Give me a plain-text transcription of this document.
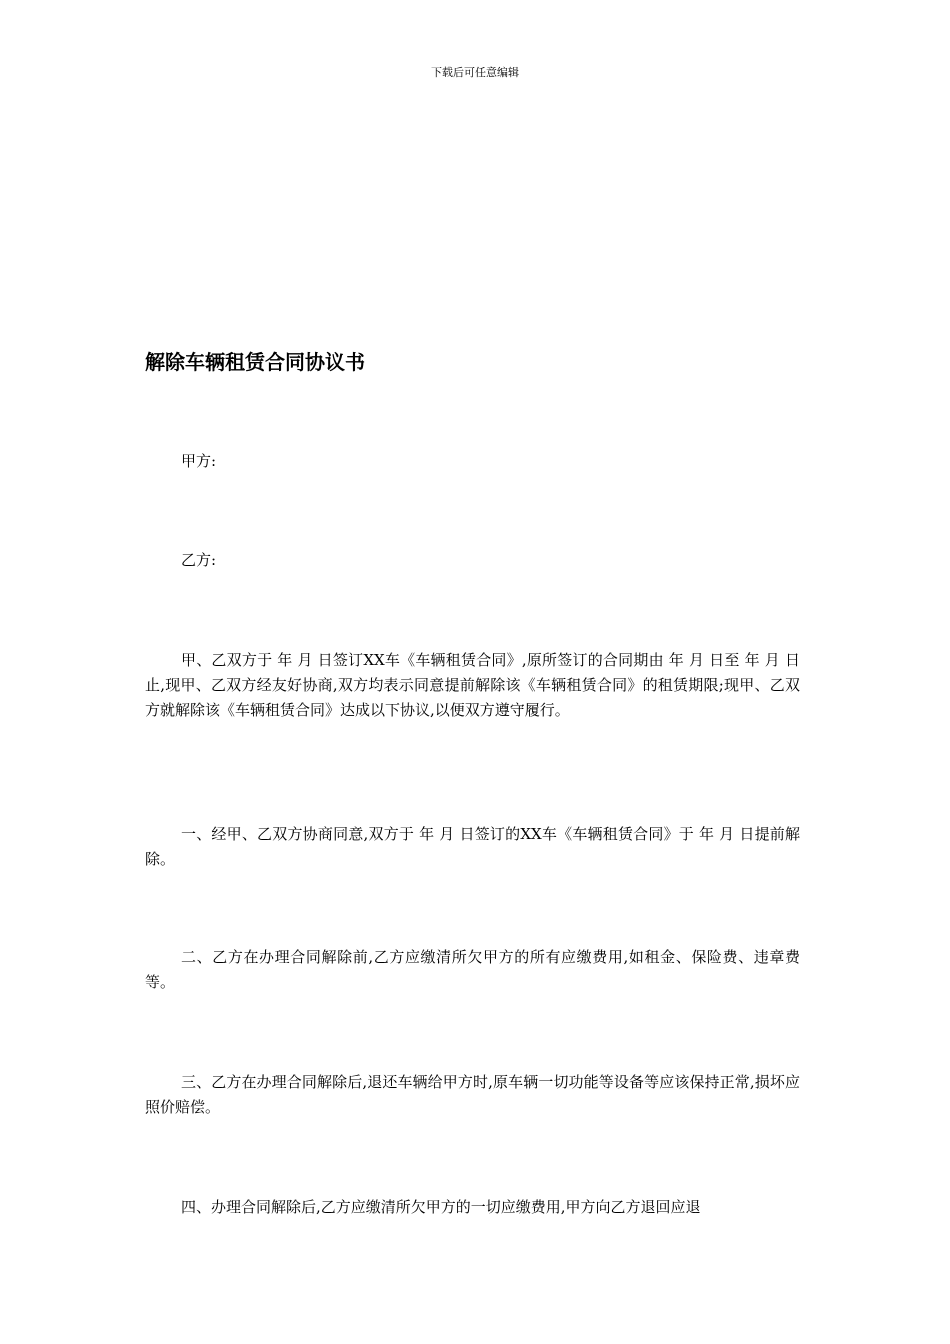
下载后可任意编辑
解除车辆租赁合同协议书

甲方:

乙方:

甲、乙双方于 年 月 日签订XX车《车辆租赁合同》,原所签订的合同期由 年 月 日至 年 月 日止,现甲、乙双方经友好协商,双方均表示同意提前解除该《车辆租赁合同》的租赁期限;现甲、乙双方就解除该《车辆租赁合同》达成以下协议,以便双方遵守履行。

一、经甲、乙双方协商同意,双方于 年 月 日签订的XX车《车辆租赁合同》于 年 月 日提前解除。

二、乙方在办理合同解除前,乙方应缴清所欠甲方的所有应缴费用,如租金、保险费、违章费等。

三、乙方在办理合同解除后,退还车辆给甲方时,原车辆一切功能等设备等应该保持正常,损坏应照价赔偿。

四、办理合同解除后,乙方应缴清所欠甲方的一切应缴费用,甲方向乙方退回应退
